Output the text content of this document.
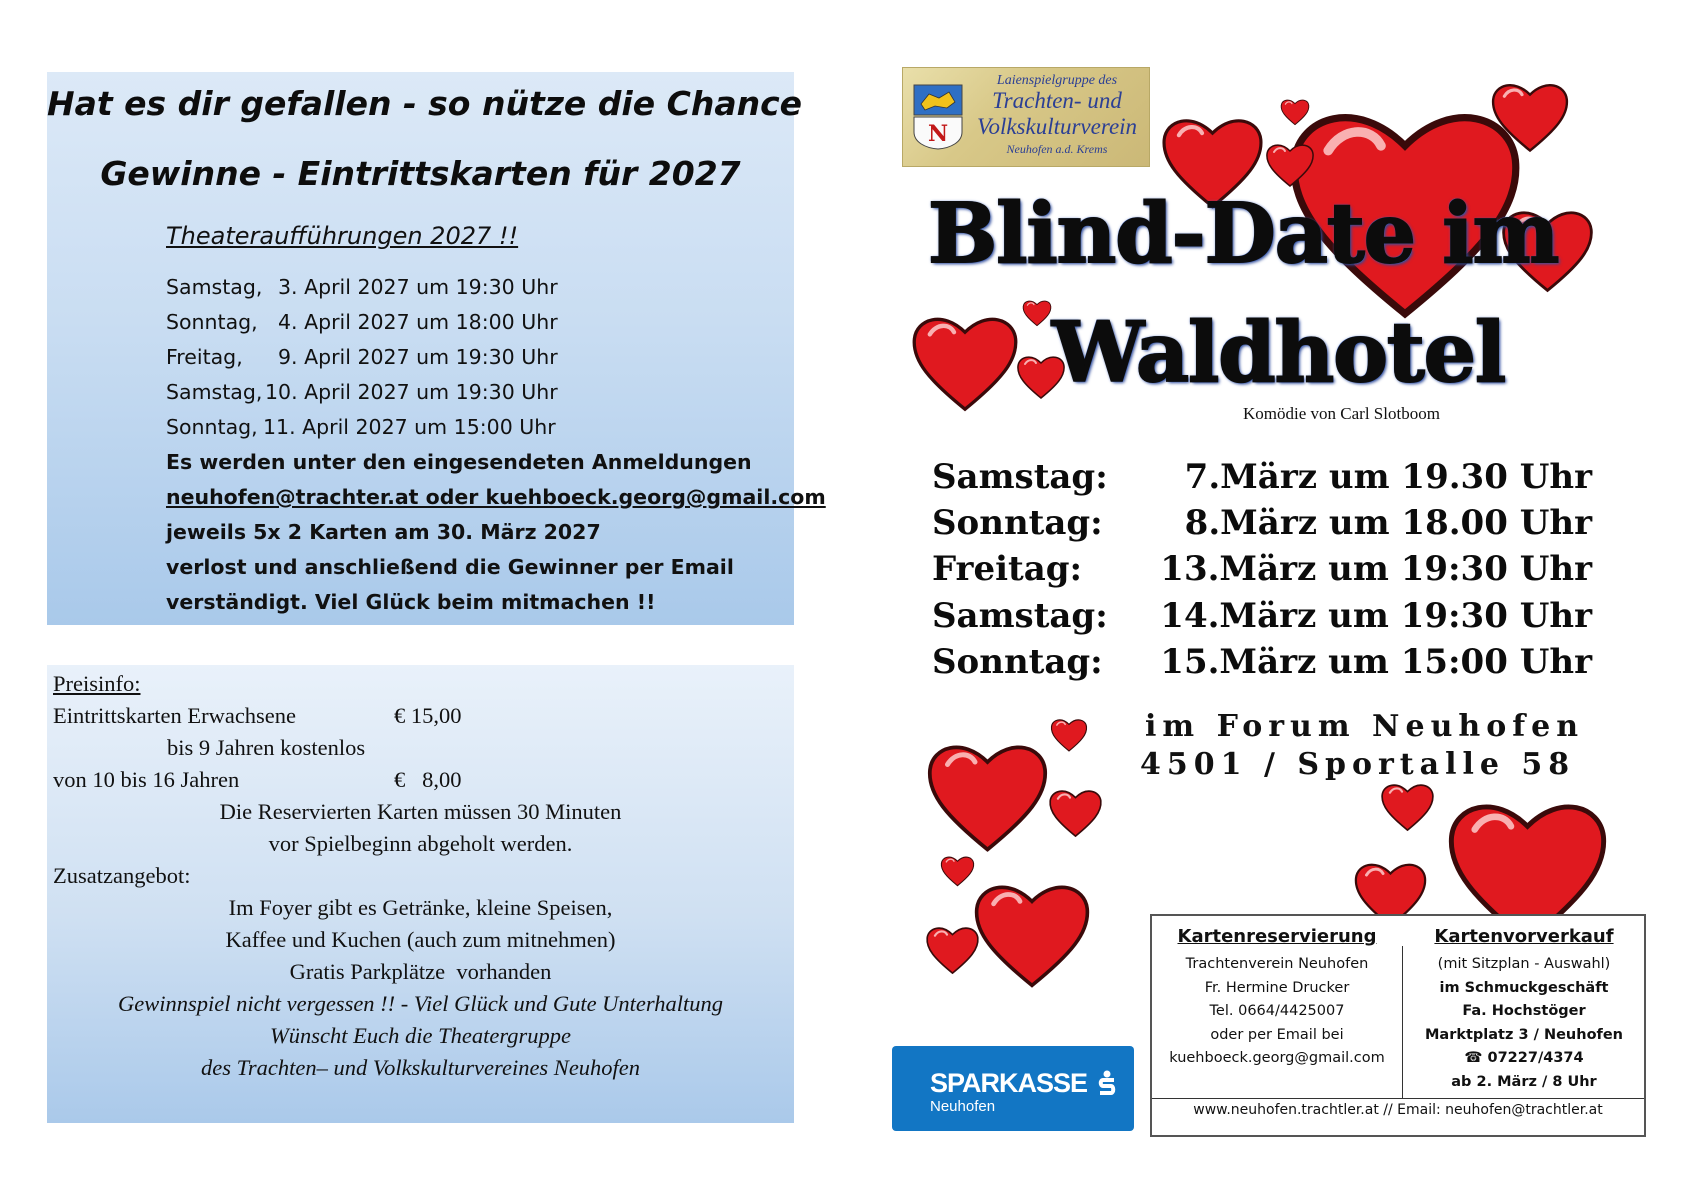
Hat es dir gefallen - so nütze die Chance
Gewinne - Eintrittskarten für 2027
Theateraufführungen 2027 !!
Samstag, 3. April 2027 um 19:30 Uhr
Sonntag, 4. April 2027 um 18:00 Uhr
Freitag, 9. April 2027 um 19:30 Uhr
Samstag, 10. April 2027 um 19:30 Uhr
Sonntag, 11. April 2027 um 15:00 Uhr
Es werden unter den eingesendeten Anmeldungen
neuhofen@trachter.at oder kuehboeck.georg@gmail.com
jeweils 5x 2 Karten am 30. März 2027
verlost und anschließend die Gewinner per Email
verständigt. Viel Glück beim mitmachen !!
Preisinfo:
Eintrittskarten Erwachsene	€ 15,00
bis 9 Jahren kostenlos
von 10 bis 16 Jahren	€   8,00
Die Reservierten Karten müssen 30 Minuten
vor Spielbeginn abgeholt werden.
Zusatzangebot:
Im Foyer gibt es Getränke, kleine Speisen,
Kaffee und Kuchen (auch zum mitnehmen)
Gratis Parkplätze  vorhanden
Gewinnspiel nicht vergessen !! - Viel Glück und Gute Unterhaltung
Wünscht Euch die Theatergruppe
des Trachten– und Volkskulturvereines Neuhofen
N
Laienspielgruppe des
Trachten- und
Volkskulturverein
Neuhofen a.d. Krems
Blind-Date im
Waldhotel
Komödie von Carl Slotboom
Samstag: 7.März um 19.30 Uhr
Sonntag: 8.März um 18.00 Uhr
Freitag: 13.März um 19:30 Uhr
Samstag: 14.März um 19:30 Uhr
Sonntag: 15.März um 15:00 Uhr
im Forum Neuhofen
4501 / Sportalle 58
SPARKASSE
Neuhofen
Kartenreservierung
Trachtenverein Neuhofen
Fr. Hermine Drucker
Tel. 0664/4425007
oder per Email bei
kuehboeck.georg@gmail.com
Kartenvorverkauf
(mit Sitzplan - Auswahl)
im Schmuckgeschäft
Fa. Hochstöger
Marktplatz 3 / Neuhofen
☎ 07227/4374
ab 2. März / 8 Uhr
www.neuhofen.trachtler.at // Email: neuhofen@trachtler.at
